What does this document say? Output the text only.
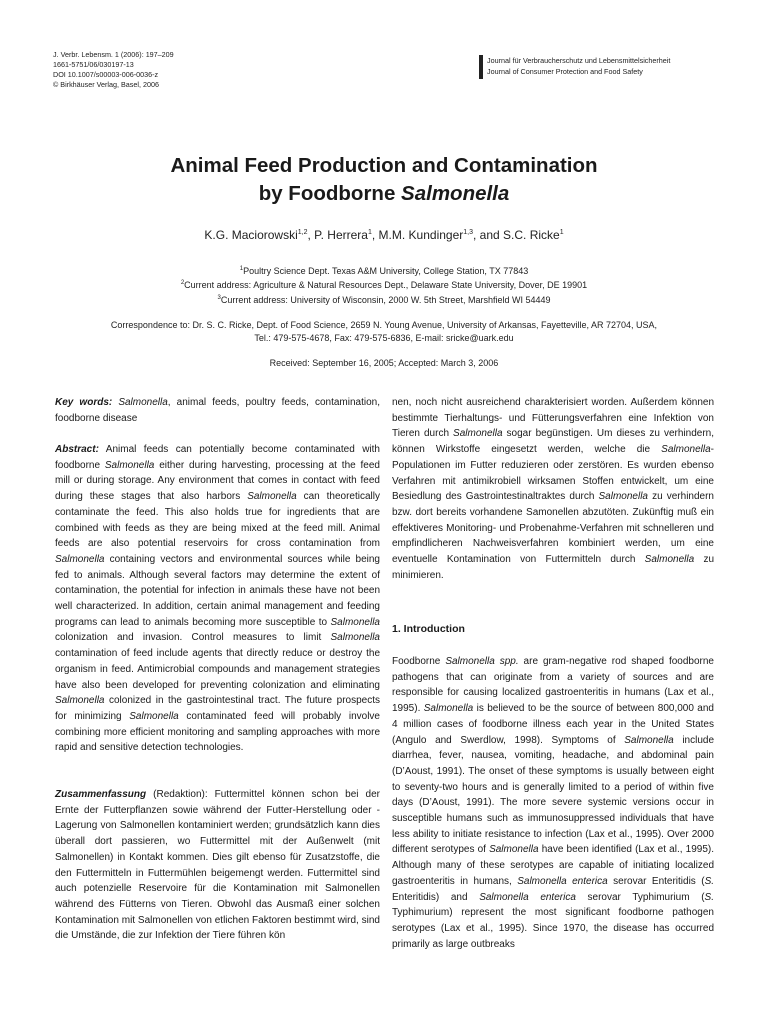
J. Verbr. Lebensm. 1 (2006): 197–209
1661-5751/06/030197-13
DOI 10.1007/s00003-006-0036-z
© Birkhäuser Verlag, Basel, 2006
Journal für Verbraucherschutz und Lebensmittelsicherheit
Journal of Consumer Protection and Food Safety
Animal Feed Production and Contamination
by Foodborne Salmonella
K.G. Maciorowski$^{1,2}$, P. Herrera$^1$, M.M. Kundinger$^{1,3}$, and S.C. Ricke$^1$
$^1$Poultry Science Dept. Texas A&M University, College Station, TX 77843
$^2$Current address: Agriculture & Natural Resources Dept., Delaware State University, Dover, DE 19901
$^3$Current address: University of Wisconsin, 2000 W. 5th Street, Marshfield WI 54449
Correspondence to: Dr. S. C. Ricke, Dept. of Food Science, 2659 N. Young Avenue, University of Arkansas, Fayetteville, AR 72704, USA,
Tel.: 479-575-4678, Fax: 479-575-6836, E-mail: sricke@uark.edu
Received: September 16, 2005; Accepted: March 3, 2006

Key words: Salmonella, animal feeds, poultry feeds, contamination, foodborne disease

Abstract: Animal feeds can potentially become contaminated with foodborne Salmonella either during harvesting, processing at the feed mill or during storage. Any environment that comes in contact with feed during these stages that also harbors Salmonella can theoretically contaminate the feed. This also holds true for ingredients that are combined with feeds as they are being mixed at the feed mill. Animal feeds are also potential reservoirs for cross contamination from Salmonella containing vectors and environmental sources while being fed to animals. Although several factors may determine the extent of contamination, the potential for infection in animals these have not been well characterized. In addition, certain animal management and feeding programs can lead to animals becoming more susceptible to Salmonella colonization and invasion. Control measures to limit Salmonella contamination of feed include agents that directly reduce or destroy the organism in feed. Antimicrobial compounds and management strategies have also been developed for preventing colonization and eliminating Salmonella colonized in the gastrointestinal tract. The future prospects for minimizing Salmonella contaminated feed will probably involve combining more efficient monitoring and sampling approaches with more rapid and sensitive detection technologies.

Zusammenfassung (Redaktion): Futtermittel können schon bei der Ernte der Futterpflanzen sowie während der Futter-Herstellung oder -Lagerung von Salmonellen kontaminiert werden; grundsätzlich kann dies überall dort passieren, wo Futtermittel mit der Außenwelt (mit Salmonellen) in Kontakt kommen. Dies gilt ebenso für Zusatzstoffe, die den Futtermitteln in Futtermühlen beigemengt werden. Futtermittel sind auch potenzielle Reservoire für die Kontamination mit Salmonellen während des Fütterns von Tieren. Obwohl das Ausmaß einer solchen Kontamination mit Salmonellen von etlichen Faktoren bestimmt wird, sind die Umstände, die zur Infektion der Tiere führen kön

nen, noch nicht ausreichend charakterisiert worden. Außerdem können bestimmte Tierhaltungs- und Fütterungsverfahren eine Infektion von Tieren durch Salmonella sogar begünstigen. Um dieses zu verhindern, können Wirkstoffe eingesetzt werden, welche die Salmonella-Populationen im Futter reduzieren oder zerstören. Es wurden ebenso Verfahren mit antimikrobiell wirksamen Stoffen entwickelt, um eine Besiedlung des Gastrointestinaltraktes durch Salmonella zu verhindern bzw. dort bereits vorhandene Samonellen abzutöten. Zukünftig muß ein effektiveres Monitoring- und Probenahme-Verfahren mit schnelleren und empfindlicheren Nachweisverfahren kombiniert werden, um eine eventuelle Kontamination von Futtermitteln durch Salmonella zu minimieren.

1. Introduction

Foodborne Salmonella spp. are gram-negative rod shaped foodborne pathogens that can originate from a variety of sources and are responsible for causing localized gastroenteritis in humans (Lax et al., 1995). Salmonella is believed to be the source of between 800,000 and 4 million cases of foodborne illness each year in the United States (Angulo and Swerdlow, 1998). Symptoms of Salmonella include diarrhea, fever, nausea, vomiting, headache, and abdominal pain (D’Aoust, 1991). The onset of these symptoms is usually between eight to seventy-two hours and is generally limited to a period of within five days (D’Aoust, 1991). The more severe systemic versions occur in susceptible humans such as immunosuppressed individuals that have less ability to initiate resistance to infection (Lax et al., 1995). Over 2000 different serotypes of Salmonella have been identified (Lax et al., 1995). Although many of these serotypes are capable of initiating localized gastroenteritis in humans, Salmonella enterica serovar Enteritidis (S. Enteritidis) and Salmonella enterica serovar Typhimurium (S. Typhimurium) represent the most significant foodborne pathogen serotypes (Lax et al., 1995). Since 1970, the disease has occurred primarily as large outbreaks
